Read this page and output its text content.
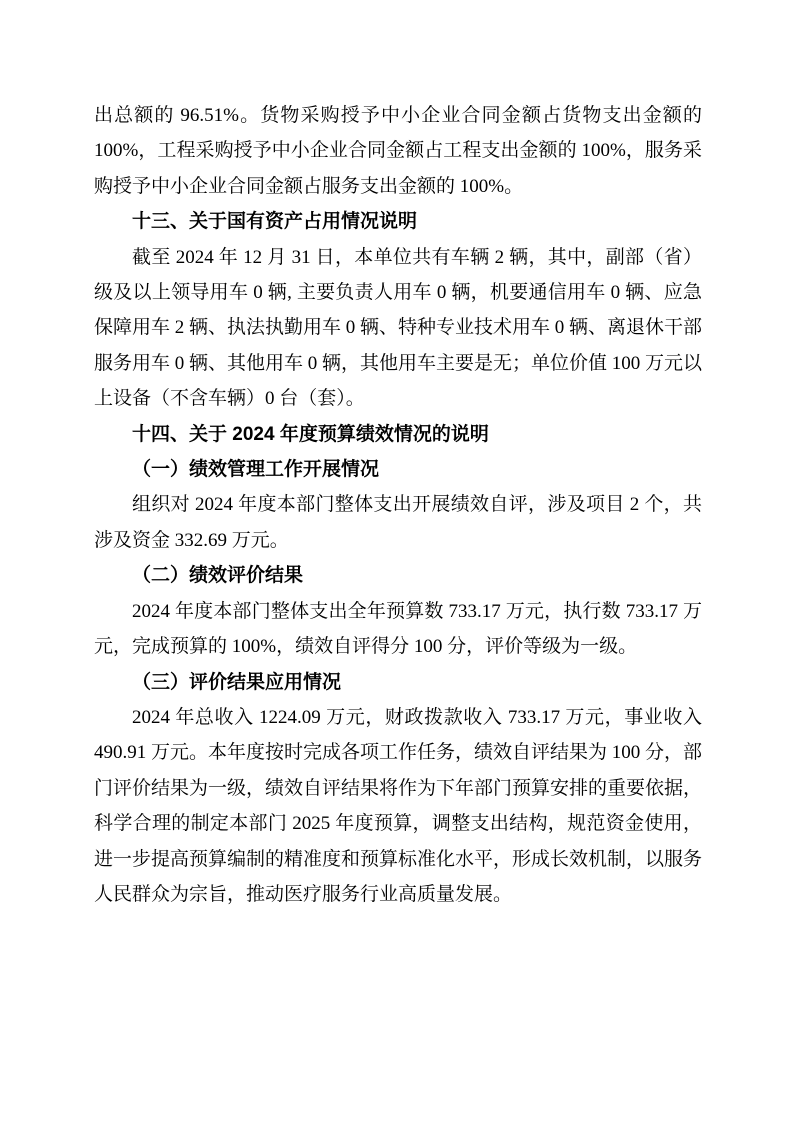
出总额的 96.51%。货物采购授予中小企业合同金额占货物支出金额的 100%，工程采购授予中小企业合同金额占工程支出金额的 100%，服务采购授予中小企业合同金额占服务支出金额的 100%。

十三、关于国有资产占用情况说明

截至 2024 年 12 月 31 日，本单位共有车辆 2 辆，其中，副部（省）级及以上领导用车 0 辆, 主要负责人用车 0 辆，机要通信用车 0 辆、应急保障用车 2 辆、执法执勤用车 0 辆、特种专业技术用车 0 辆、离退休干部服务用车 0 辆、其他用车 0 辆，其他用车主要是无；单位价值 100 万元以上设备（不含车辆）0 台（套）。

十四、关于 2024 年度预算绩效情况的说明
（一）绩效管理工作开展情况

组织对 2024 年度本部门整体支出开展绩效自评，涉及项目 2 个，共涉及资金 332.69 万元。

（二）绩效评价结果

2024 年度本部门整体支出全年预算数 733.17 万元，执行数 733.17 万元，完成预算的 100%，绩效自评得分 100 分，评价等级为一级。

（三）评价结果应用情况

2024 年总收入 1224.09 万元，财政拨款收入 733.17 万元，事业收入 490.91 万元。本年度按时完成各项工作任务，绩效自评结果为 100 分，部门评价结果为一级，绩效自评结果将作为下年部门预算安排的重要依据，科学合理的制定本部门 2025 年度预算，调整支出结构，规范资金使用，进一步提高预算编制的精准度和预算标准化水平，形成长效机制，以服务人民群众为宗旨，推动医疗服务行业高质量发展。
